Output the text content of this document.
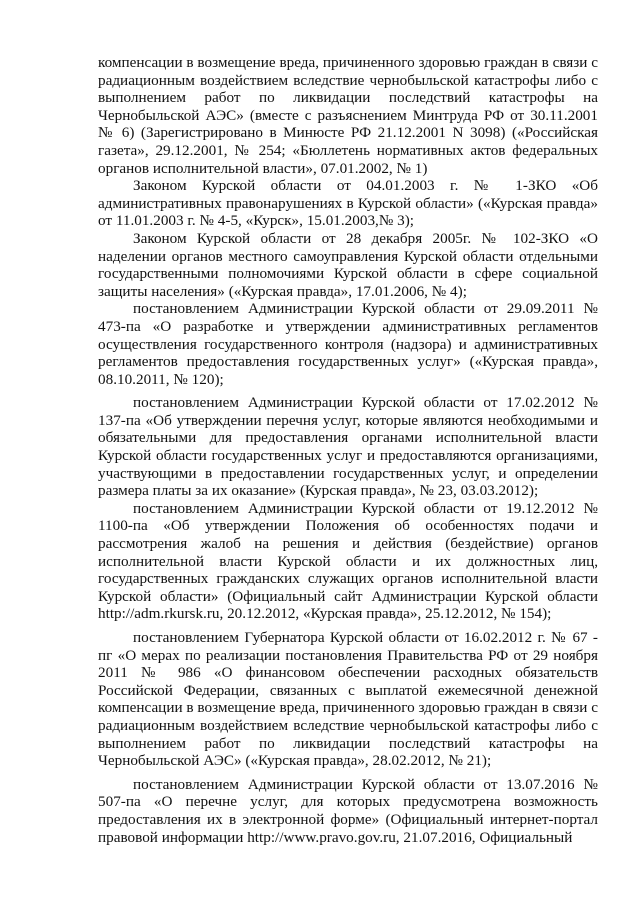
компенсации в возмещение вреда, причиненного здоровью граждан в связи с радиационным воздействием вследствие чернобыльской катастрофы либо с выполнением работ по ликвидации последствий катастрофы на Чернобыльской АЭС» (вместе с разъяснением Минтруда РФ от 30.11.2001 № 6) (Зарегистрировано в Минюсте РФ 21.12.2001 N 3098) («Российская газета», 29.12.2001, № 254; «Бюллетень нормативных актов федеральных органов исполнительной власти», 07.01.2002, № 1)

Законом Курской области от 04.01.2003 г. № 1-ЗКО «Об административных правонарушениях в Курской области» («Курская правда» от 11.01.2003 г. № 4-5, «Курск», 15.01.2003,№ 3);

Законом Курской области от 28 декабря 2005г. № 102-ЗКО «О наделении органов местного самоуправления Курской области отдельными государственными полномочиями Курской области в сфере социальной защиты населения» («Курская правда», 17.01.2006, № 4);

постановлением Администрации Курской области от 29.09.2011 № 473-па «О разработке и утверждении административных регламентов осуществления государственного контроля (надзора) и административных регламентов предоставления государственных услуг» («Курская правда», 08.10.2011, № 120);

постановлением Администрации Курской области от 17.02.2012 № 137-па «Об утверждении перечня услуг, которые являются необходимыми и обязательными для предоставления органами исполнительной власти Курской области государственных услуг и предоставляются организациями, участвующими в предоставлении государственных услуг, и определении размера платы за их оказание» (Курская правда», № 23, 03.03.2012);

постановлением Администрации Курской области от 19.12.2012 № 1100-па «Об утверждении Положения об особенностях подачи и рассмотрения жалоб на решения и действия (бездействие) органов исполнительной власти Курской области и их должностных лиц, государственных гражданских служащих органов исполнительной власти Курской области» (Официальный сайт Администрации Курской области http://adm.rkursk.ru, 20.12.2012, «Курская правда», 25.12.2012, № 154);

постановлением Губернатора Курской области от 16.02.2012 г. № 67 - пг «О мерах по реализации постановления Правительства РФ от 29 ноября 2011 № 986 «О финансовом обеспечении расходных обязательств Российской Федерации, связанных с выплатой ежемесячной денежной компенсации в возмещение вреда, причиненного здоровью граждан в связи с радиационным воздействием вследствие чернобыльской катастрофы либо с выполнением работ по ликвидации последствий катастрофы на Чернобыльской АЭС» («Курская правда», 28.02.2012, № 21);

постановлением Администрации Курской области от 13.07.2016 № 507-па «О перечне услуг, для которых предусмотрена возможность предоставления их в электронной форме» (Официальный интернет-портал правовой информации http://www.pravo.gov.ru, 21.07.2016, Официальный
